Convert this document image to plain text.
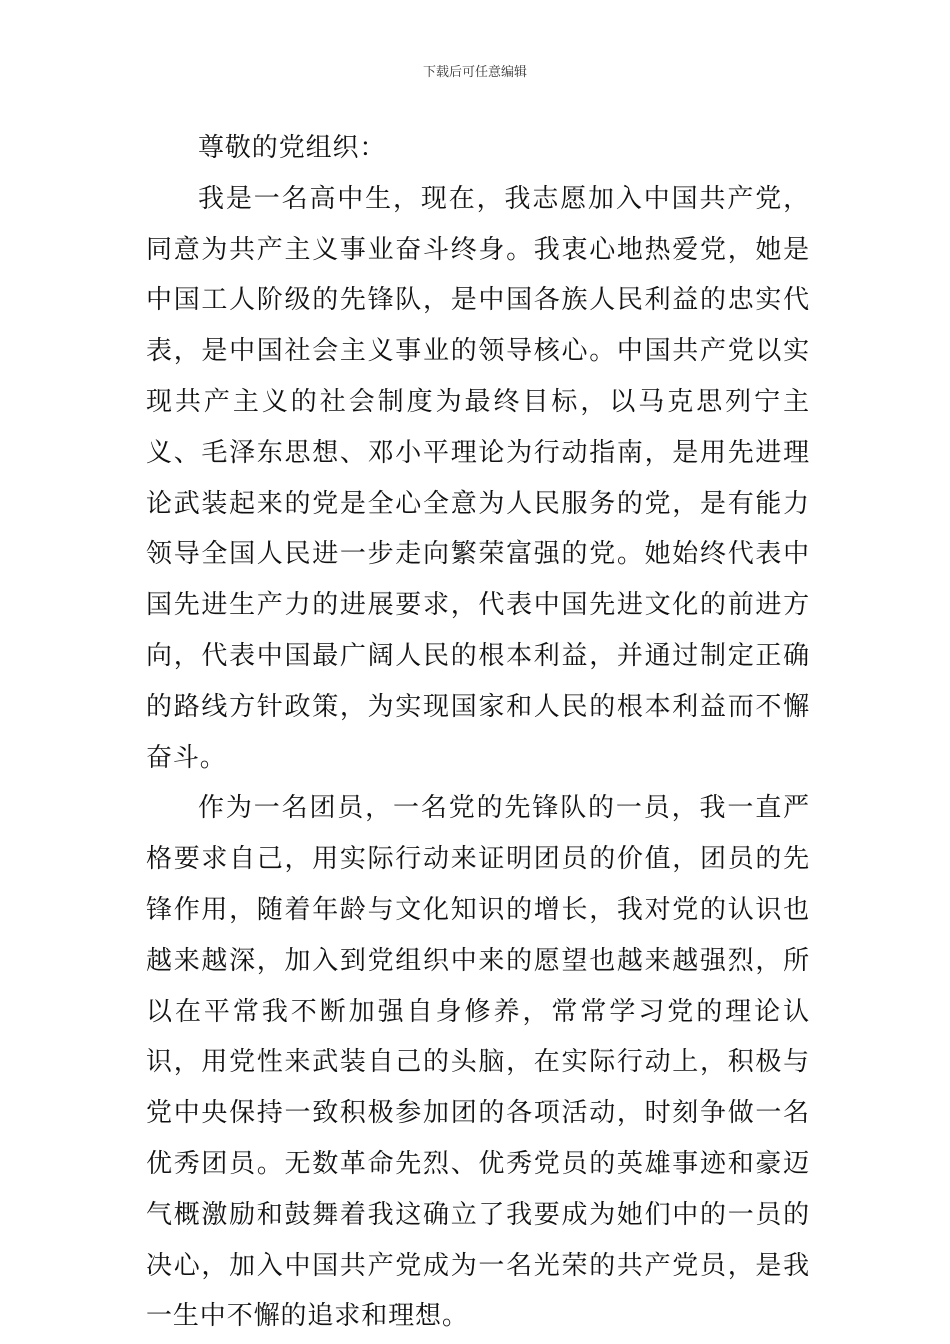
下载后可任意编辑

尊敬的党组织：

我是一名高中生，现在，我志愿加入中国共产党，同意为共产主义事业奋斗终身。我衷心地热爱党，她是中国工人阶级的先锋队，是中国各族人民利益的忠实代表，是中国社会主义事业的领导核心。中国共产党以实现共产主义的社会制度为最终目标，以马克思列宁主义、毛泽东思想、邓小平理论为行动指南，是用先进理论武装起来的党是全心全意为人民服务的党，是有能力领导全国人民进一步走向繁荣富强的党。她始终代表中国先进生产力的进展要求，代表中国先进文化的前进方向，代表中国最广阔人民的根本利益，并通过制定正确的路线方针政策，为实现国家和人民的根本利益而不懈奋斗。

作为一名团员，一名党的先锋队的一员，我一直严格要求自己，用实际行动来证明团员的价值，团员的先锋作用，随着年龄与文化知识的增长，我对党的认识也越来越深，加入到党组织中来的愿望也越来越强烈，所以在平常我不断加强自身修养，常常学习党的理论认识，用党性来武装自己的头脑，在实际行动上，积极与党中央保持一致积极参加团的各项活动，时刻争做一名优秀团员。无数革命先烈、优秀党员的英雄事迹和豪迈气概激励和鼓舞着我这确立了我要成为她们中的一员的决心，加入中国共产党成为一名光荣的共产党员，是我一生中不懈的追求和理想。
